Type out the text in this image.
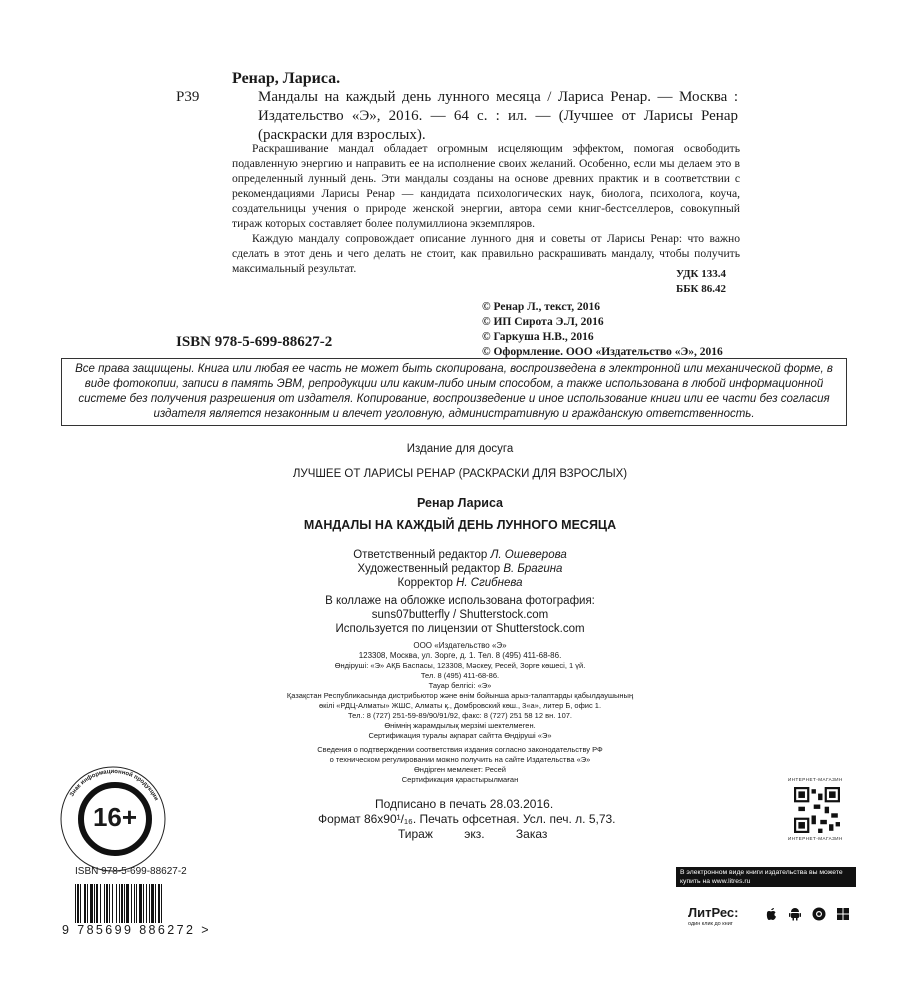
Ренар, Лариса.
Р39	Мандалы на каждый день лунного месяца / Лариса Ренар. — Москва : Издательство «Э», 2016. — 64 с. : ил. — (Лучшее от Ларисы Ренар (раскраски для взрослых).

Раскрашивание мандал обладает огромным исцеляющим эффектом, помогая освободить подавленную энергию и направить ее на исполнение своих желаний. Особенно, если мы делаем это в определенный лунный день. Эти мандалы созданы на основе древних практик и в соответствии с рекомендациями Ларисы Ренар — кандидата психологических наук, биолога, психолога, коуча, создательницы учения о природе женской энергии, автора семи книг-бестселлеров, совокупный тираж которых составляет более полумиллиона экземпляров.

Каждую мандалу сопровождает описание лунного дня и советы от Ларисы Ренар: что важно сделать в этот день и чего делать не стоит, как правильно раскрашивать мандалу, чтобы получить максимальный результат.	УДК 133.4
ББК 86.42
© Ренар Л., текст, 2016
© ИП Сирота Э.Л, 2016
© Гаркуша Н.В., 2016
© Оформление. ООО «Издательство «Э», 2016
ISBN 978-5-699-88627-2
Все права защищены. Книга или любая ее часть не может быть скопирована, воспроизведена в электронной или механической форме, в виде фотокопии, записи в память ЭВМ, репродукции или каким-либо иным способом, а также использована в любой информационной системе без получения разрешения от издателя. Копирование, воспроизведение и иное использование книги или ее части без согласия издателя является незаконным и влечет уголовную, административную и гражданскую ответственность.
Издание для досуга
ЛУЧШЕЕ ОТ ЛАРИСЫ РЕНАР (РАСКРАСКИ ДЛЯ ВЗРОСЛЫХ)
Ренар Лариса
МАНДАЛЫ НА КАЖДЫЙ ДЕНЬ ЛУННОГО МЕСЯЦА
Ответственный редактор Л. Ошеверова
Художественный редактор В. Брагина
Корректор Н. Сгибнева
В коллаже на обложке использована фотография:
suns07butterfly / Shutterstock.com
Используется по лицензии от Shutterstock.com
ООО «Издательство «Э»
123308, Москва, ул. Зорге, д. 1. Тел. 8 (495) 411-68-86.
Өндіруші: «Э» АҚБ Баспасы, 123308, Мәскеу, Ресей, Зорге көшесі, 1 үй.
Тел. 8 (495) 411-68-86.
Тауар белгісі: «Э»
Қазақстан Республикасында дистрибьютор және өнім бойынша арыз-талаптарды қабылдаушының
өкілі «РДЦ-Алматы» ЖШС, Алматы қ., Домбровский көш., 3«а», литер Б, офис 1.
Тел.: 8 (727) 251-59-89/90/91/92, факс: 8 (727) 251 58 12 вн. 107.
Өнімнің жарамдылық мерзімі шектелмеген.
Сертификация туралы ақпарат сайтта Өндіруші «Э»
Сведения о подтверждении соответствия издания согласно законодательству РФ
о техническом регулировании можно получить на сайте Издательства «Э»
Өндірген мемлекет: Ресей
Сертификация қарастырылмаған
Подписано в печать 28.03.2016.
Формат 86x90¹/₁₆. Печать офсетная. Усл. печ. л. 5,73.
Тираж экз. Заказ
Знак информационной продукции
16+
ИНТЕРНЕТ-МАГАЗИН
ИНТЕРНЕТ-МАГАЗИН
В электронном виде книги издательства вы можете
купить на www.litres.ru
ЛитРес:
один клик до книг
ISBN 978-5-699-88627-2
9 785699 886272 >
